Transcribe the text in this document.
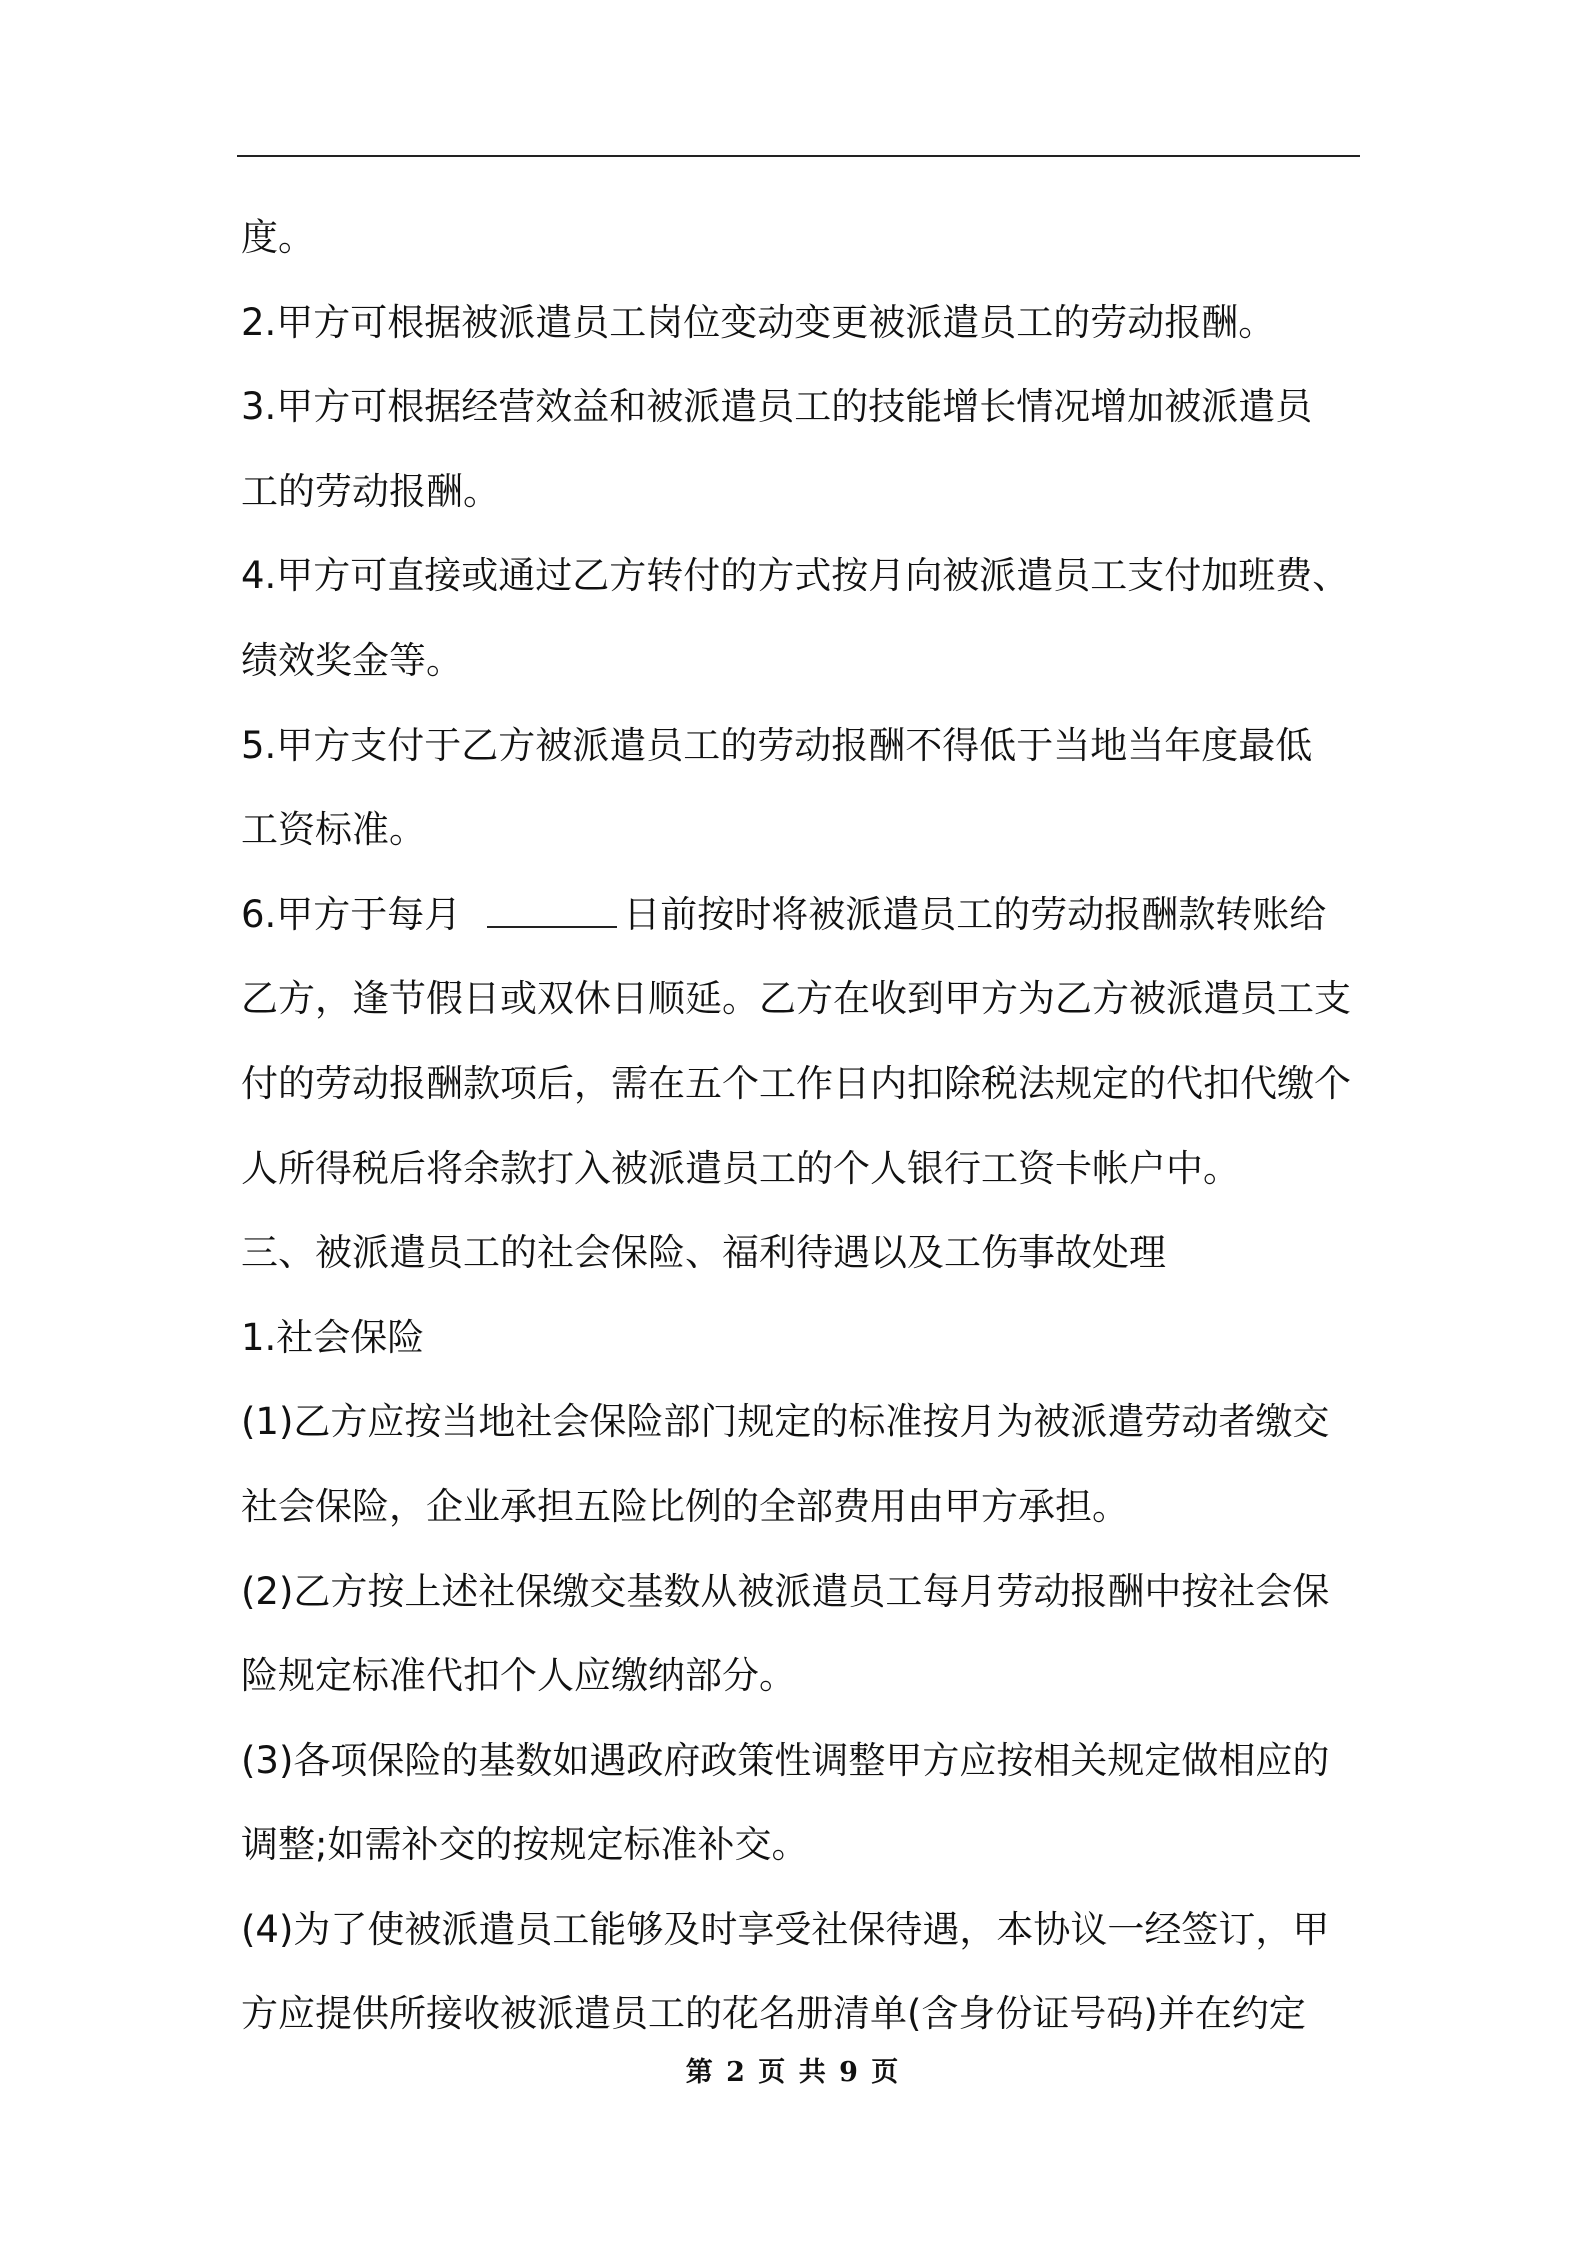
度。
2.甲方可根据被派遣员工岗位变动变更被派遣员工的劳动报酬。
3.甲方可根据经营效益和被派遣员工的技能增长情况增加被派遣员
工的劳动报酬。
4.甲方可直接或通过乙方转付的方式按月向被派遣员工支付加班费、
绩效奖金等。
5.甲方支付于乙方被派遣员工的劳动报酬不得低于当地当年度最低
工资标准。
6.甲方于每月	日前按时将被派遣员工的劳动报酬款转账给
乙方，逢节假日或双休日顺延。乙方在收到甲方为乙方被派遣员工支
付的劳动报酬款项后，需在五个工作日内扣除税法规定的代扣代缴个
人所得税后将余款打入被派遣员工的个人银行工资卡帐户中。
三、被派遣员工的社会保险、福利待遇以及工伤事故处理
1.社会保险
(1)乙方应按当地社会保险部门规定的标准按月为被派遣劳动者缴交
社会保险，企业承担五险比例的全部费用由甲方承担。
(2)乙方按上述社保缴交基数从被派遣员工每月劳动报酬中按社会保
险规定标准代扣个人应缴纳部分。
(3)各项保险的基数如遇政府政策性调整甲方应按相关规定做相应的
调整;如需补交的按规定标准补交。
(4)为了使被派遣员工能够及时享受社保待遇，本协议一经签订，甲
方应提供所接收被派遣员工的花名册清单(含身份证号码)并在约定
第 2 页 共 9 页
